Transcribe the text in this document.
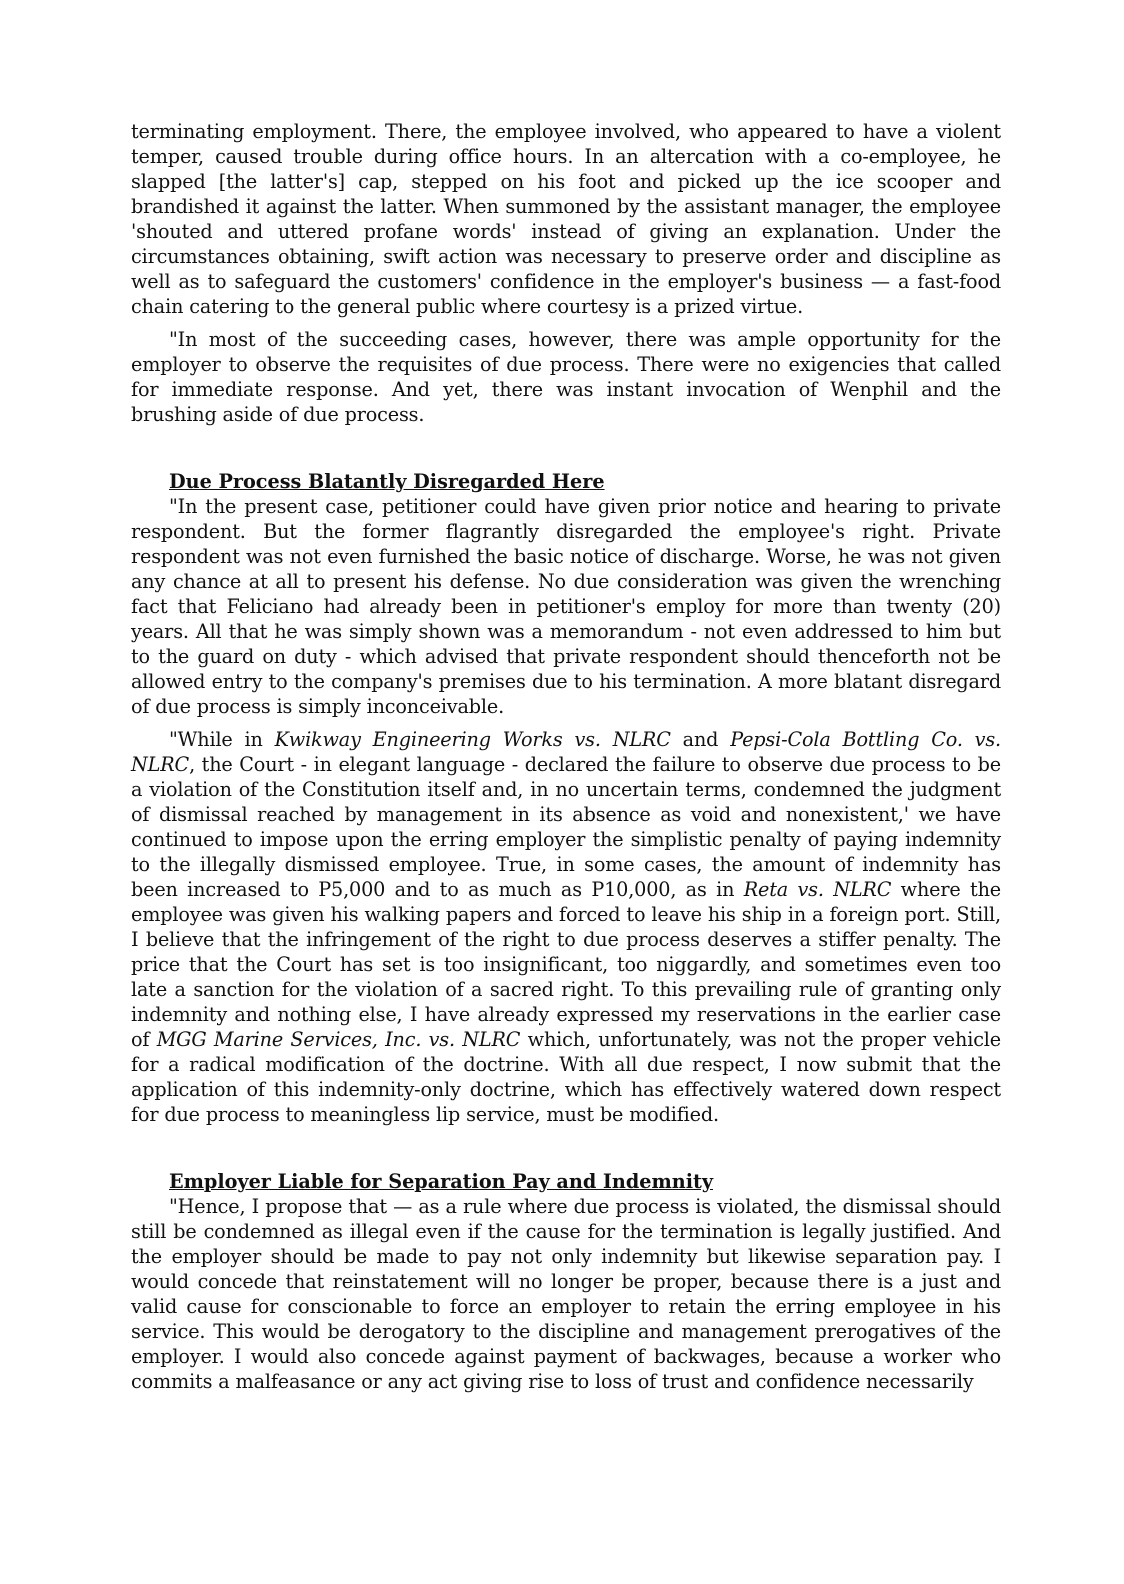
terminating employment. There, the employee involved, who appeared to have a violent temper, caused trouble during office hours. In an altercation with a co-employee, he slapped [the latter's] cap, stepped on his foot and picked up the ice scooper and brandished it against the latter. When summoned by the assistant manager, the employee 'shouted and uttered profane words' instead of giving an explanation. Under the circumstances obtaining, swift action was necessary to preserve order and discipline as well as to safeguard the customers' confidence in the employer's business — a fast-food chain catering to the general public where courtesy is a prized virtue.

"In most of the succeeding cases, however, there was ample opportunity for the employer to observe the requisites of due process. There were no exigencies that called for immediate response. And yet, there was instant invocation of Wenphil and the brushing aside of due process.

Due Process Blatantly Disregarded Here

"In the present case, petitioner could have given prior notice and hearing to private respondent. But the former flagrantly disregarded the employee's right. Private respondent was not even furnished the basic notice of discharge. Worse, he was not given any chance at all to present his defense. No due consideration was given the wrenching fact that Feliciano had already been in petitioner's employ for more than twenty (20) years. All that he was simply shown was a memorandum - not even addressed to him but to the guard on duty - which advised that private respondent should thenceforth not be allowed entry to the company's premises due to his termination. A more blatant disregard of due process is simply inconceivable.

"While in Kwikway Engineering Works vs. NLRC and Pepsi-Cola Bottling Co. vs. NLRC, the Court - in elegant language - declared the failure to observe due process to be a violation of the Constitution itself and, in no uncertain terms, condemned the judgment of dismissal reached by management in its absence as void and nonexistent,' we have continued to impose upon the erring employer the simplistic penalty of paying indemnity to the illegally dismissed employee. True, in some cases, the amount of indemnity has been increased to P5,000 and to as much as P10,000, as in Reta vs. NLRC where the employee was given his walking papers and forced to leave his ship in a foreign port. Still, I believe that the infringement of the right to due process deserves a stiffer penalty. The price that the Court has set is too insignificant, too niggardly, and sometimes even too late a sanction for the violation of a sacred right. To this prevailing rule of granting only indemnity and nothing else, I have already expressed my reservations in the earlier case of MGG Marine Services, Inc. vs. NLRC which, unfortunately, was not the proper vehicle for a radical modification of the doctrine. With all due respect, I now submit that the application of this indemnity-only doctrine, which has effectively watered down respect for due process to meaningless lip service, must be modified.

Employer Liable for Separation Pay and Indemnity

"Hence, I propose that — as a rule where due process is violated, the dismissal should still be condemned as illegal even if the cause for the termination is legally justified. And the employer should be made to pay not only indemnity but likewise separation pay. I would concede that reinstatement will no longer be proper, because there is a just and valid cause for conscionable to force an employer to retain the erring employee in his service. This would be derogatory to the discipline and management prerogatives of the employer. I would also concede against payment of backwages, because a worker who commits a malfeasance or any act giving rise to loss of trust and confidence necessarily
